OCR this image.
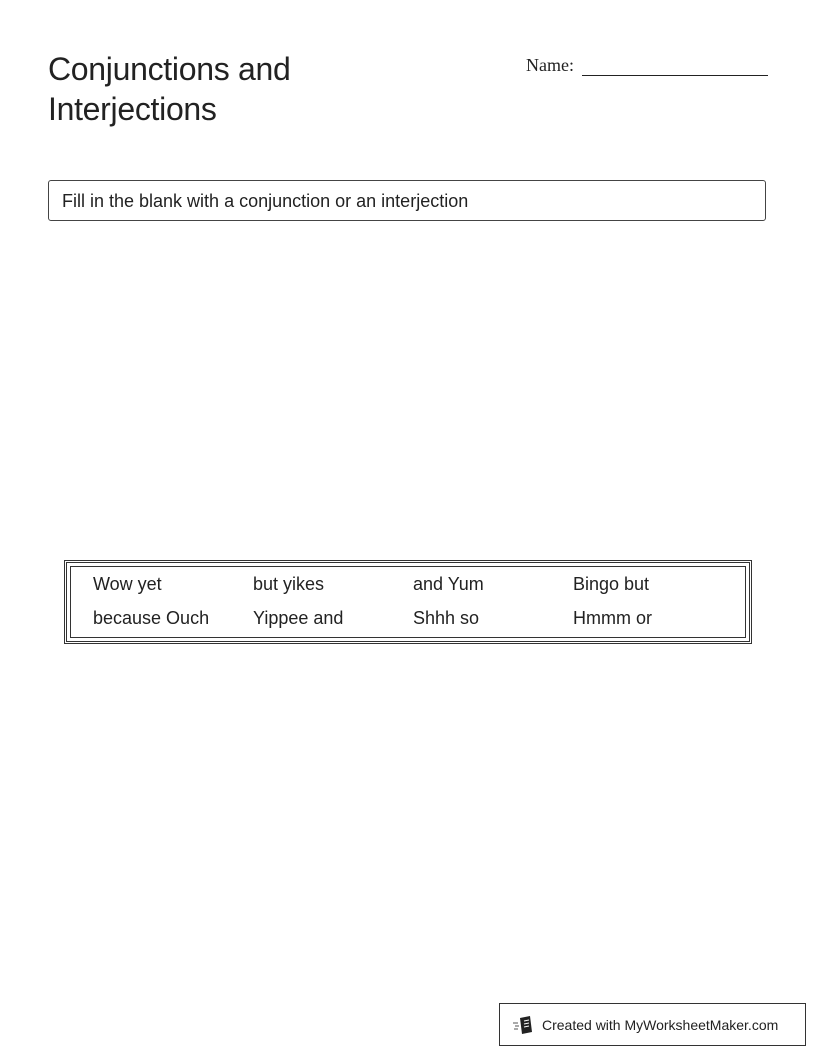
Conjunctions and
Interjections
Name:
Fill in the blank with a conjunction or an interjection
Wow yet	but yikes	and Yum	Bingo but
because Ouch	Yippee and	Shhh so	Hmmm or
Created with MyWorksheetMaker.com
